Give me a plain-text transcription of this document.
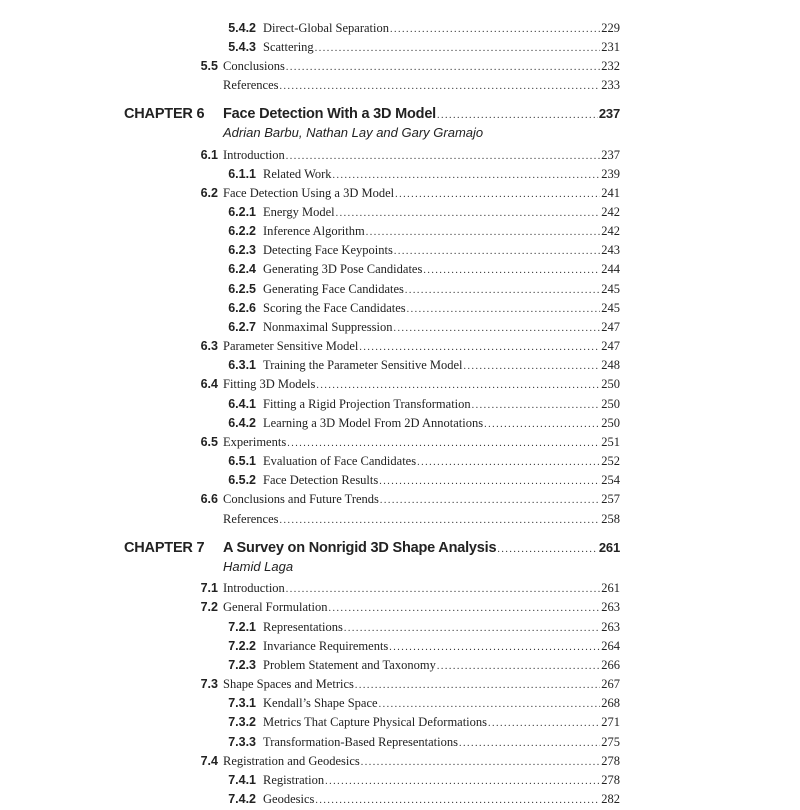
5.4.2 Direct-Global Separation .....	229
5.4.3 Scattering .....	231
5.5 Conclusions .....	232
References .....	233
CHAPTER 6 Face Detection With a 3D Model .....	237
Adrian Barbu, Nathan Lay and Gary Gramajo
6.1 Introduction .....	237
6.1.1 Related Work .....	239
6.2 Face Detection Using a 3D Model .....	241
6.2.1 Energy Model .....	242
6.2.2 Inference Algorithm .....	242
6.2.3 Detecting Face Keypoints .....	243
6.2.4 Generating 3D Pose Candidates .....	244
6.2.5 Generating Face Candidates .....	245
6.2.6 Scoring the Face Candidates .....	245
6.2.7 Nonmaximal Suppression .....	247
6.3 Parameter Sensitive Model .....	247
6.3.1 Training the Parameter Sensitive Model .....	248
6.4 Fitting 3D Models .....	250
6.4.1 Fitting a Rigid Projection Transformation .....	250
6.4.2 Learning a 3D Model From 2D Annotations .....	250
6.5 Experiments .....	251
6.5.1 Evaluation of Face Candidates .....	252
6.5.2 Face Detection Results .....	254
6.6 Conclusions and Future Trends .....	257
References .....	258
CHAPTER 7 A Survey on Nonrigid 3D Shape Analysis .....	261
Hamid Laga
7.1 Introduction .....	261
7.2 General Formulation .....	263
7.2.1 Representations .....	263
7.2.2 Invariance Requirements .....	264
7.2.3 Problem Statement and Taxonomy .....	266
7.3 Shape Spaces and Metrics .....	267
7.3.1 Kendall’s Shape Space .....	268
7.3.2 Metrics That Capture Physical Deformations .....	271
7.3.3 Transformation-Based Representations .....	275
7.4 Registration and Geodesics .....	278
7.4.1 Registration .....	278
7.4.2 Geodesics .....	282
